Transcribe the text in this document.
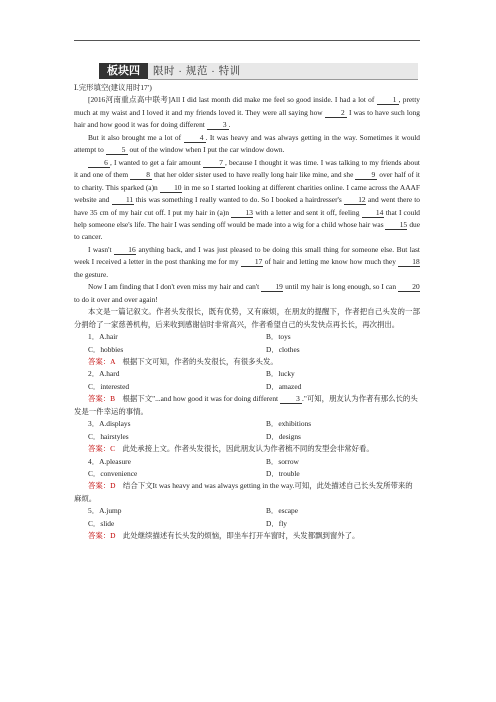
板块四	限时 · 规范 · 特训

Ⅰ.完形填空(建议用时17′)

[2016河南重点高中联考]All I did last month did make me feel so good inside. I had a lot of 1 , pretty much at my waist and I loved it and my friends loved it. They were all saying how 2 I was to have such long hair and how good it was for doing different 3 .

But it also brought me a lot of	4 . It was heavy and was always getting in the way. Sometimes it would attempt to 5 out of the window when I put the car window down.

6 , I wanted to get a fair amount 7 , because I thought it was time. I was talking to my friends about it and one of them 8 that her older sister used to have really long hair like mine, and she 9 over half of it to charity. This sparked (a)n 10 in me so I started looking at different charities online. I came across the AAAF website and 11 this was something I really wanted to do. So I booked a hairdresser's 12 and went there to have 35 cm of my hair cut off. I put my hair in (a)n 13 with a letter and sent it off, feeling 14 that I could help someone else's life. The hair I was sending off would be made into a wig for a child whose hair was 15 due to cancer.

I wasn't 16 anything back, and I was just pleased to be doing this small thing for someone else. But last week I received a letter in the post thanking me for my 17 of hair and letting me know how much they 18 the gesture.

Now I am finding that I don't even miss my hair and can't 19 until my hair is long enough, so I can 20 to do it over and over again!

本文是一篇记叙文。作者头发很长，既有优势，又有麻烦，在朋友的提醒下，作者把自己头发的一部分捐给了一家慈善机构，后来收到感谢信时非常高兴，作者希望自己的头发快点再长长，再次捐出。

1．A.hair	B．toys
C．hobbies	D．clothes

答案：A　 根据下文可知，作者的头发很长，有很多头发。

2．A.hard	B．lucky
C．interested	D．amazed

答案：B　 根据下文"...and how good it was for doing different 3 ."可知，朋友认为作者有那么长的头发是一件幸运的事情。

3．A.displays	B．exhibitions
C．hairstyles	D．designs

答案：C　 此处承接上文。作者头发很长，因此朋友认为作者梳不同的发型会非常好看。

4．A.pleasure	B．sorrow
C．convenience	D．trouble

答案：D　 结合下文It was heavy and was always getting in the way.可知，此处描述自己长头发所带来的麻烦。

5．A.jump	B．escape
C．slide	D．fly

答案：D　 此处继续描述有长头发的烦恼，即坐车打开车窗时，头发都飘到窗外了。
